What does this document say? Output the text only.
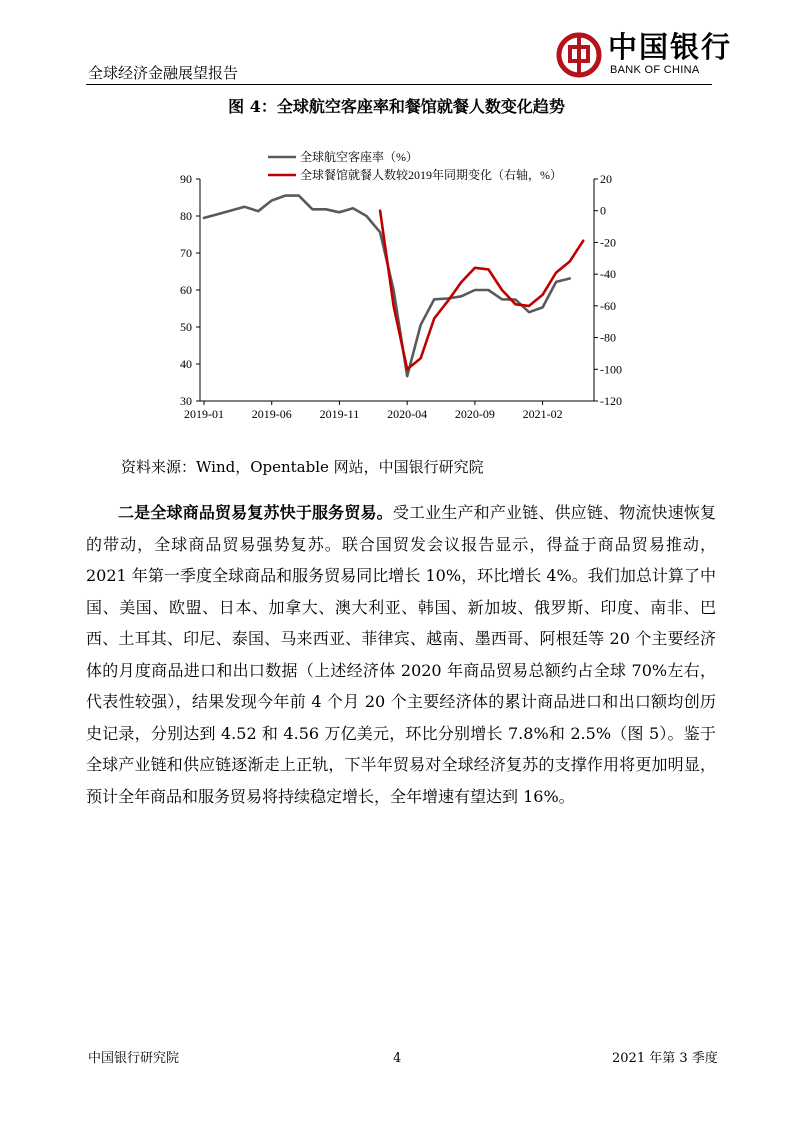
全球经济金融展望报告
中国银行
BANK OF CHINA
图 4：全球航空客座率和餐馆就餐人数变化趋势
30
40
50
60
70
80
90
-120
-100
-80
-60
-40
-20
0
20
2019-01 2019-06 2019-11 2020-04 2020-09 2021-02
全球航空客座率（%）
全球餐馆就餐人数较2019年同期变化（右轴，%）
资料来源：Wind，Opentable 网站，中国银行研究院
二是全球商品贸易复苏快于服务贸易。受工业生产和产业链、供应链、物流快速恢复的带动，全球商品贸易强势复苏。联合国贸发会议报告显示，得益于商品贸易推动，2021 年第一季度全球商品和服务贸易同比增长 10%，环比增长 4%。我们加总计算了中国、美国、欧盟、日本、加拿大、澳大利亚、韩国、新加坡、俄罗斯、印度、南非、巴西、土耳其、印尼、泰国、马来西亚、菲律宾、越南、墨西哥、阿根廷等 20 个主要经济体的月度商品进口和出口数据（上述经济体 2020 年商品贸易总额约占全球 70%左右，代表性较强），结果发现今年前 4 个月 20 个主要经济体的累计商品进口和出口额均创历史记录，分别达到 4.52 和 4.56 万亿美元，环比分别增长 7.8%和 2.5%（图 5）。鉴于全球产业链和供应链逐渐走上正轨，下半年贸易对全球经济复苏的支撑作用将更加明显，预计全年商品和服务贸易将持续稳定增长，全年增速有望达到 16%。
中国银行研究院	4	2021 年第 3 季度
